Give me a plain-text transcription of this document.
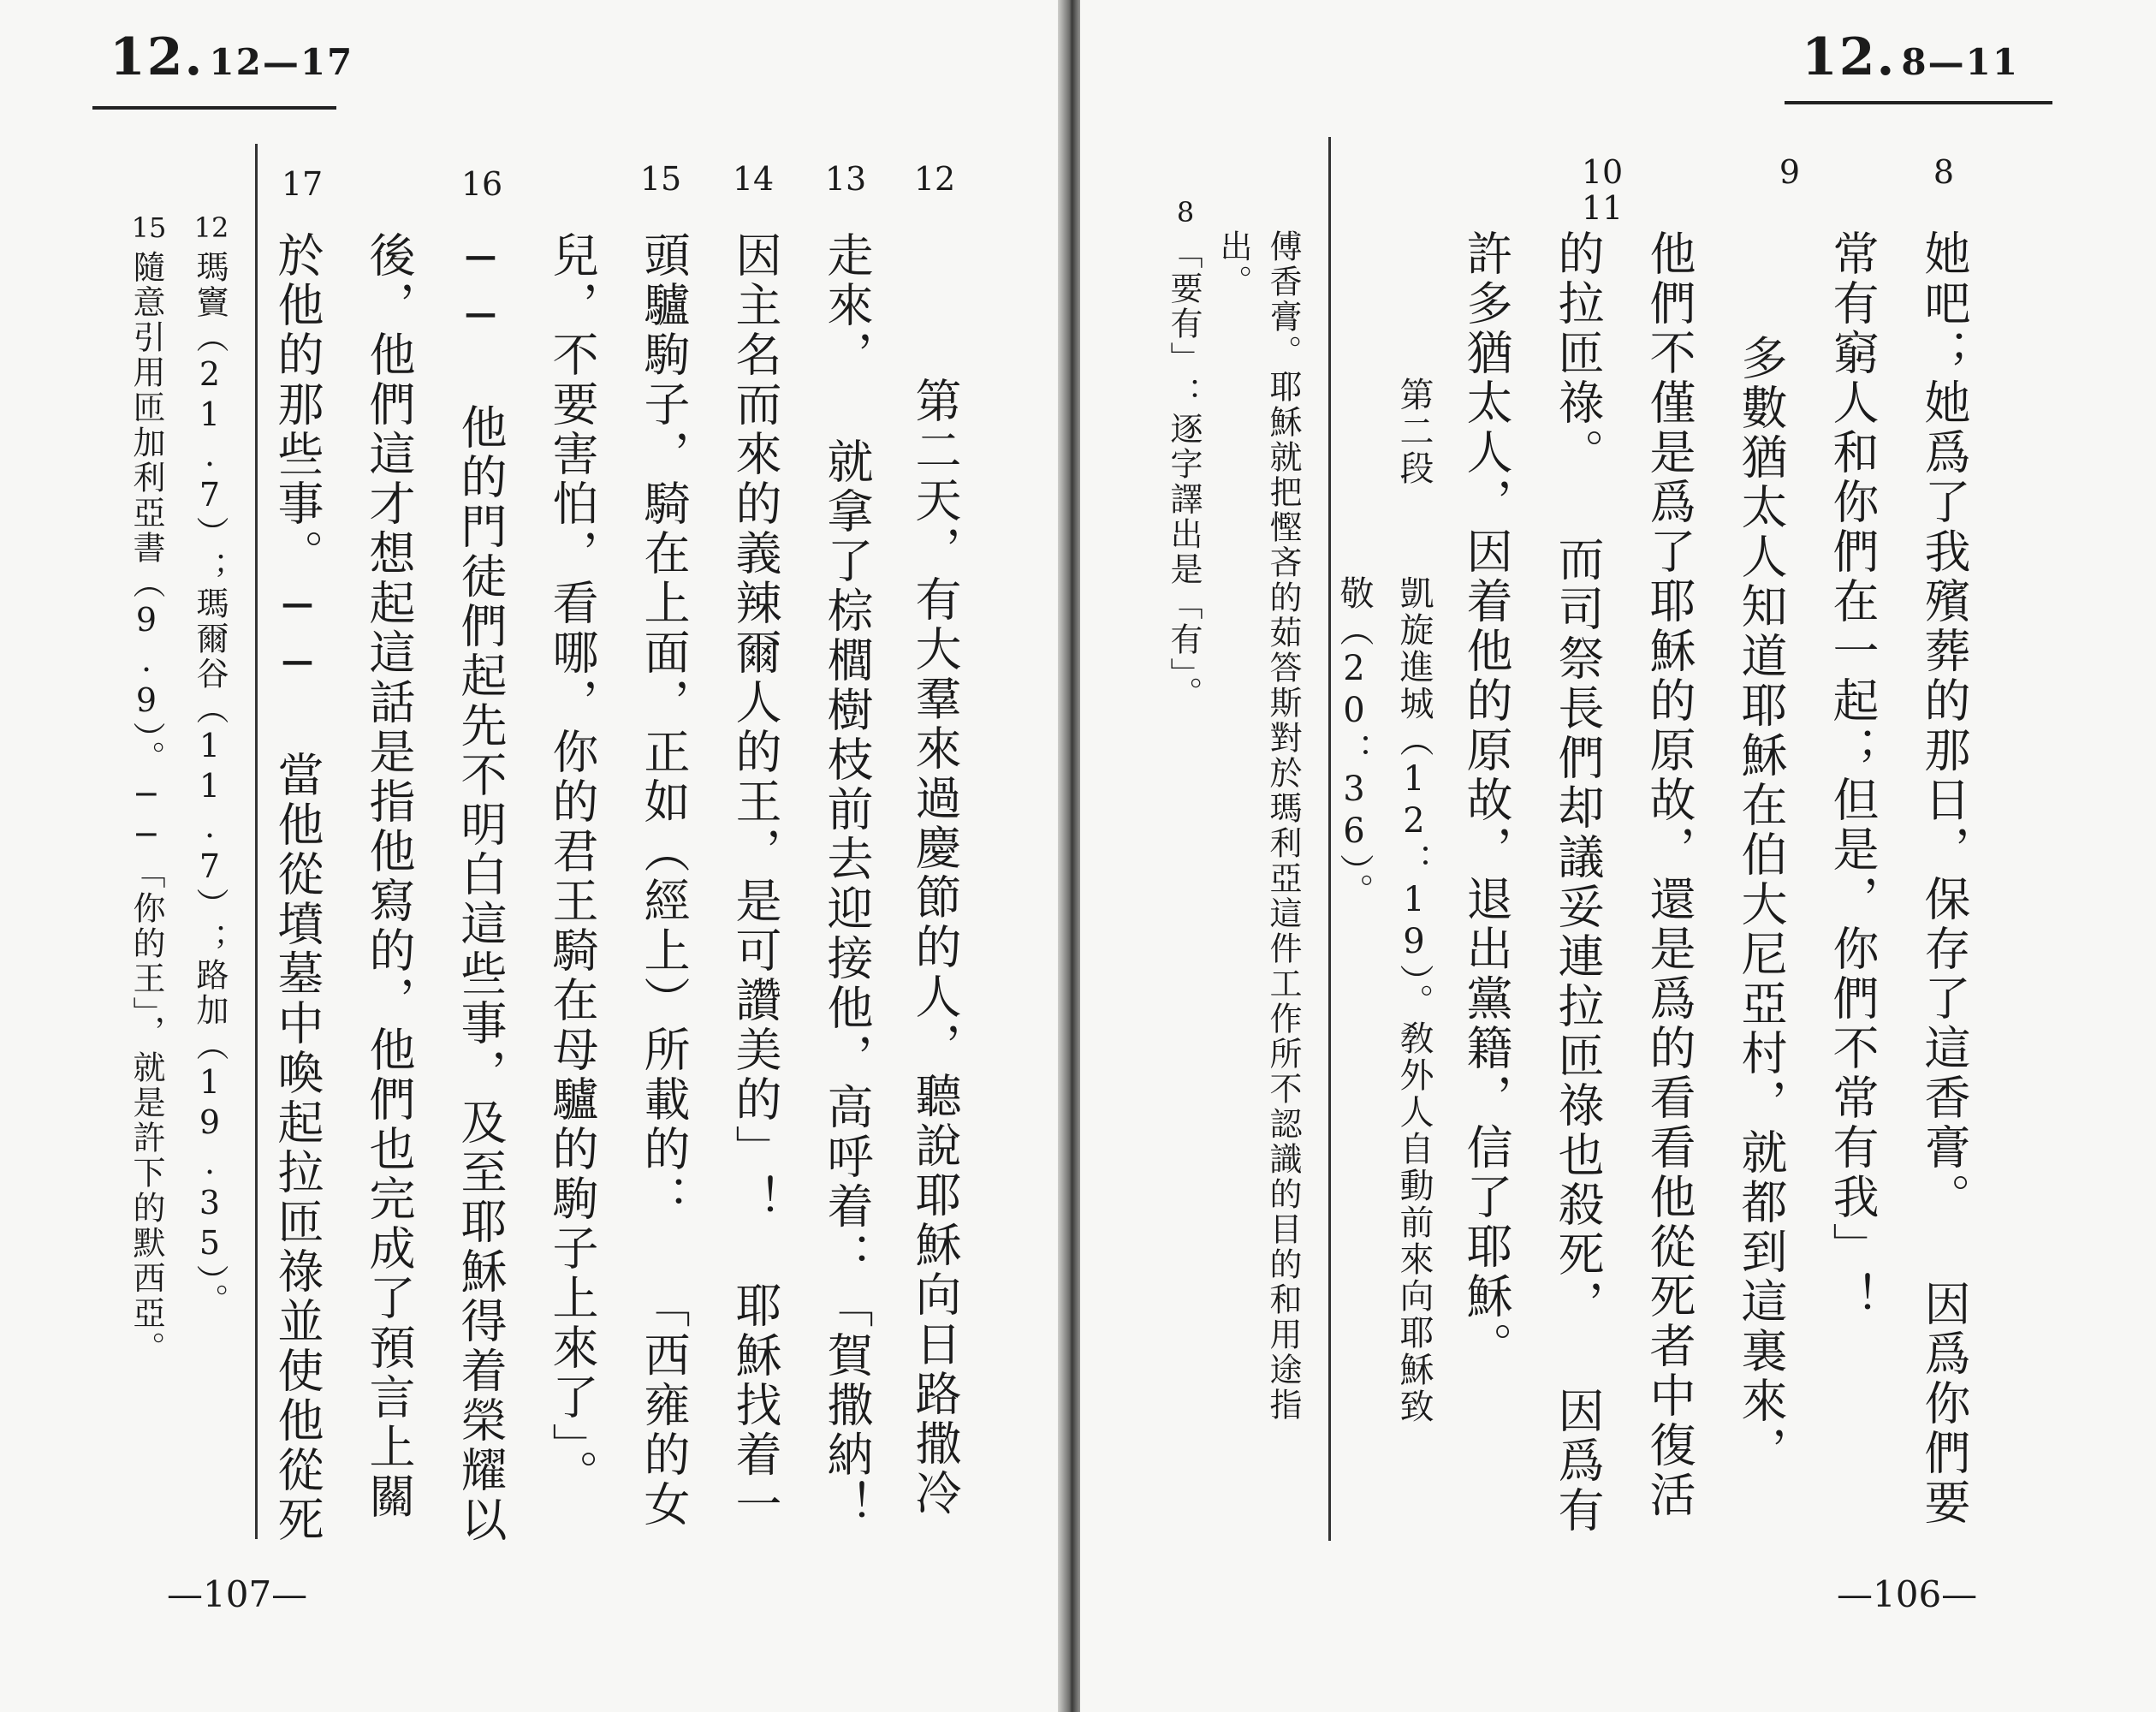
12. 12—17
17	16	15 14 13 12
第二天，有大羣來過慶節的人，聽說耶穌向日路撒冷
走來， 就拿了棕櫚樹枝前去迎接他，高呼着：「賀撒納！
因主名而來的義辣爾人的王，是可讚美的」！ 耶穌找着一
頭驢駒子，騎在上面，正如（經上）所載的： 「西雍的女
兒，不要害怕，看哪，你的君王騎在母驢的駒子上來了」。
── 他的門徒們起先不明白這些事，及至耶穌得着榮耀以
後，他們這才想起這話是指他寫的，他們也完成了預言上關
於他的那些事。── 當他從墳墓中喚起拉匝祿並使他從死
12
瑪竇（21.7）；瑪爾谷（11.7）；路加（19.35）。
15
隨意引用匝加利亞書（9.9）。──「你的王」，就是許下的默西亞。
—107—
12. 8—11
8
9
10
11
她吧；她爲了我殯葬的那日，保存了這香膏。 因爲你們要
常有窮人和你們在一起；但是，你們不常有我」！
多數猶太人知道耶穌在伯大尼亞村，就都到這裏來，
他們不僅是爲了耶穌的原故，還是爲的看看他從死者中復活
的拉匝祿。 而司祭長們却議妥連拉匝祿也殺死， 因爲有
許多猶太人，因着他的原故，退出黨籍，信了耶穌。
第二段
凱旋進城（12：19）。敎外人自動前來向耶穌致
敬（20：36）。
傅香膏。耶穌就把慳吝的茹答斯對於瑪利亞這件工作所不認識的目的和用途指
出。
8
「要有」：逐字譯出是「有」。
—106—
